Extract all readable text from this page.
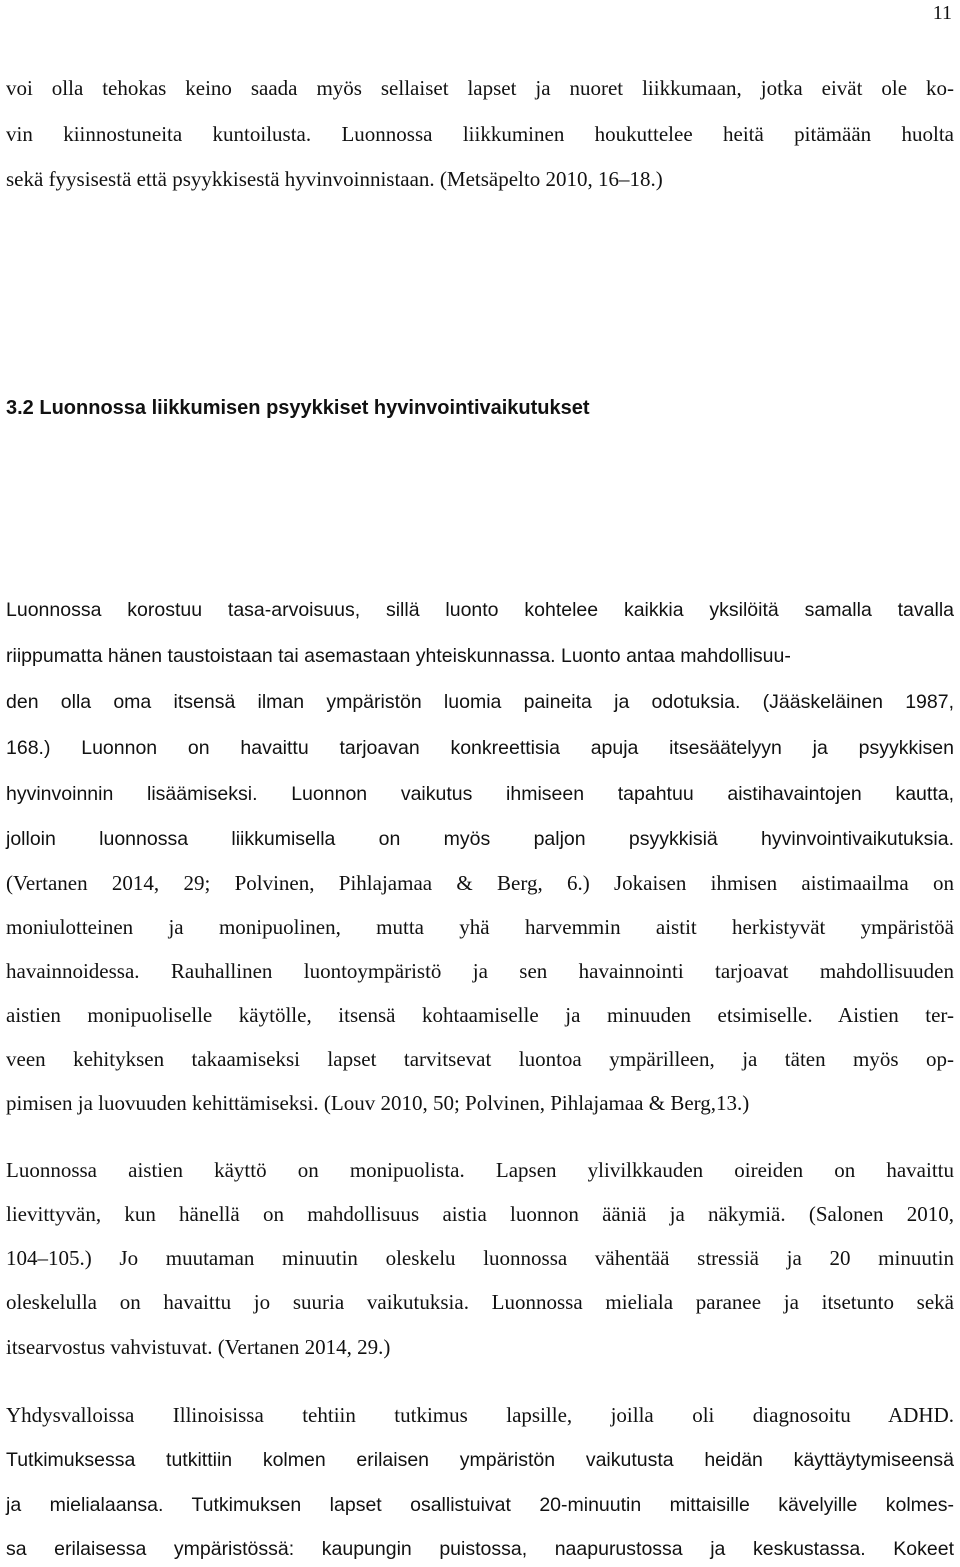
11
voi olla tehokas keino saada myös sellaiset lapset ja nuoret liikkumaan, jotka eivät ole ko-
vin kiinnostuneita kuntoilusta. Luonnossa liikkuminen houkuttelee heitä pitämään huolta
sekä fyysisestä että psyykkisestä hyvinvoinnistaan. (Metsäpelto 2010, 16–18.)
3.2 Luonnossa liikkumisen psyykkiset hyvinvointivaikutukset
Luonnossa korostuu tasa-arvoisuus, sillä luonto kohtelee kaikkia yksilöitä samalla tavalla
riippumatta hänen taustoistaan tai asemastaan yhteiskunnassa. Luonto antaa mahdollisuu-
den olla oma itsensä ilman ympäristön luomia paineita ja odotuksia. (Jääskeläinen 1987,
168.) Luonnon on havaittu tarjoavan konkreettisia apuja itsesäätelyyn ja psyykkisen
hyvinvoinnin lisäämiseksi. Luonnon vaikutus ihmiseen tapahtuu aistihavaintojen kautta,
jolloin luonnossa liikkumisella on myös paljon psyykkisiä hyvinvointivaikutuksia.
(Vertanen 2014, 29; Polvinen, Pihlajamaa & Berg, 6.) Jokaisen ihmisen aistimaailma on
moniulotteinen ja monipuolinen, mutta yhä harvemmin aistit herkistyvät ympäristöä
havainnoidessa. Rauhallinen luontoympäristö ja sen havainnointi tarjoavat mahdollisuuden
aistien monipuoliselle käytölle, itsensä kohtaamiselle ja minuuden etsimiselle. Aistien ter-
veen kehityksen takaamiseksi lapset tarvitsevat luontoa ympärilleen, ja täten myös op-
pimisen ja luovuuden kehittämiseksi. (Louv 2010, 50; Polvinen, Pihlajamaa & Berg,13.)
Luonnossa aistien käyttö on monipuolista. Lapsen ylivilkkauden oireiden on havaittu
lievittyvän, kun hänellä on mahdollisuus aistia luonnon ääniä ja näkymiä. (Salonen 2010,
104–105.) Jo muutaman minuutin oleskelu luonnossa vähentää stressiä ja 20 minuutin
oleskelulla on havaittu jo suuria vaikutuksia. Luonnossa mieliala paranee ja itsetunto sekä
itsearvostus vahvistuvat. (Vertanen 2014, 29.)
Yhdysvalloissa Illinoisissa tehtiin tutkimus lapsille, joilla oli diagnosoitu ADHD.
Tutkimuksessa tutkittiin kolmen erilaisen ympäristön vaikutusta heidän käyttäytymiseensä
ja mielialaansa. Tutkimuksen lapset osallistuivat 20-minuutin mittaisille kävelyille kolmes-
sa erilaisessa ympäristössä: kaupungin puistossa, naapurustossa ja keskustassa. Kokeet
